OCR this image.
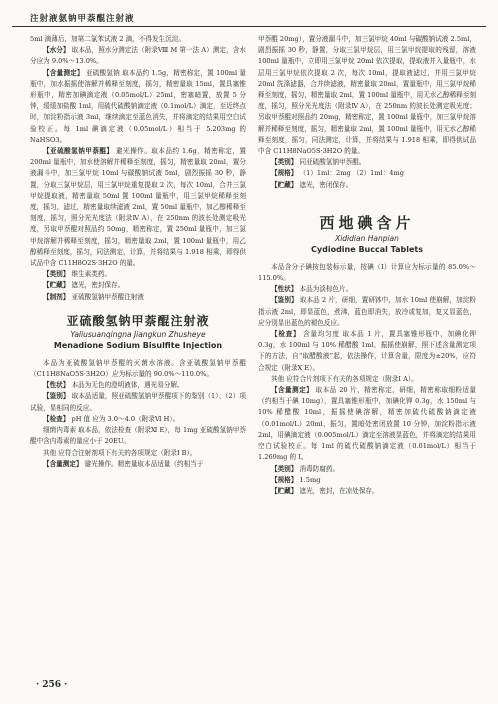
注射液氨钠甲萘醌注射液

5ml 滴薄后，加第二氯苯试液 2 滴，不得发生沉淀。

【水分】 取本品，照水分测定法（附录Ⅷ M 第一法 A）测定，含水分应为 9.0%～13.0%。

【含量测定】 亚硫酸氢钠 取本品约 1.5g，精密称定，置 100ml 量瓶中，加水振摇使溶解并稀释至刻度，摇匀，精密量取 15ml，置具塞锥形瓶中，精密加碘滴定液（0.05mol/L）25ml，密塞暗置，放置 5 分钟，缓缓加盐酸 1ml，用硫代硫酸钠滴定液（0.1mol/L）滴定，至近终点时，加淀粉指示液 3ml，继续滴定至蓝色消失，并将滴定的结果用空白试验校正。每 1ml 碘滴定液（0.05mol/L）相当于 5.203mg 的 NaHSO3。

【亚硫酸氢钠甲萘醌】 避光操作。取本品约 1.6g，精密称定，置 200ml 量瓶中，加水使溶解并稀释至刻度，摇匀，精密量取 20ml，置分液漏斗中，加三氯甲烷 10ml 与碳酸钠试液 5ml，剧烈振摇 30 秒，静置，分取三氯甲烷层，用三氯甲烷重复提取 2 次，每次 10ml，合并三氯甲烷提取液，精密量取 50ml 置 100ml 量瓶中，用三氯甲烷稀释至刻度，摇匀，滤过，精密量取续滤液 2ml，置 50ml 量瓶中，加乙醇稀释至刻度，摇匀，照分光光度法（附录Ⅳ A），在 250nm 的波长处测定吸光度，另取甲萘醌对照品约 50mg，精密称定，置 250ml 量瓶中，加三氯甲烷溶解并稀释至刻度，摇匀，精密量取 2ml，置 100ml 量瓶中，用乙醇稀释至刻度，摇匀，同法测定，计算，并将结果与 1.918 相乘，即得供试品中含 C11H8O2S·3H2O 的量。

【类别】 维生素类药。

【贮藏】 遮光，密封保存。

【制剂】 亚硫酸氢钠甲萘醌注射液

亚硫酸氢钠甲萘醌注射液
Yaliusuanqingna Jiangkun Zhusheye
Menadione Sodium Bisulfite Injection

本品为亚硫酸氢钠甲萘醌的灭菌水溶液。含亚硫酸氢钠甲萘醌（C11H8NaO5S·3H2O）应为标示量的 90.0%～110.0%。

【性状】 本品为无色的澄明液体，遇光易分解。

【鉴别】 取本品适量，照亚硫酸氢钠甲萘醌项下的鉴别（1）、（2）项试验，显相同的反应。

【检查】 pH 值 应为 3.0～4.0（附录Ⅵ H）。

细菌内毒素 取本品，依法检查（附录Ⅺ E），每 1mg 亚硫酸氢钠甲萘醌中含内毒素的量应小于 20EU。

其他 应符合注射剂项下有关的各项规定（附录Ⅰ B）。

【含量测定】 避光操作。精密量取本品适量（约相当于

甲萘醌 20mg），置分液漏斗中，加三氯甲烷 40ml 与碳酸钠试液 2.5ml，剧烈振摇 30 秒，静置，分取三氯甲烷层，用三氯甲烷提取的残留，溶液 100ml 量瓶中，立即用三氯甲烷 20ml 依次提取，提取液并入量瓶中，水层用三氯甲烷依次提取 2 次，每次 10ml，提取液滤过，并用三氯甲烷 20ml 洗涤滤器，合并续滤液，精密量取 20ml，置量瓶中，用三氯甲烷稀释至刻度，摇匀，精密量取 2ml，置 100ml 量瓶中，用无水乙醇稀释至刻度，摇匀，照分光光度法（附录Ⅳ A），在 250nm 的波长处测定吸光度；另取甲萘醌对照品约 20mg，精密称定，置 100ml 量瓶中，加三氯甲烷溶解并稀释至刻度，摇匀，精密量取 2ml，置 100ml 量瓶中，用无水乙醇稀释至刻度，摇匀，同法测定，计算，并将结果与 1.918 相乘，即得供试品中含 C11H8NaO5S·3H2O 的量。

【类别】 同亚硫酸氢钠甲萘醌。

【规格】 （1）1ml：2mg （2）1ml：4mg

【贮藏】 遮光，密闭保存。

西地碘含片
Xididian Hanpian
Cydiodine Buccal Tablets

本品含分子碘按包装标示量，按碘（I）计算应为标示量的 85.0%～115.0%。

【性状】 本品为淡棕色片。

【鉴别】 取本品 2 片，研细，置研钵中，加水 10ml 使崩解，加淀粉指示液 2ml，即显蓝色，煮沸，蓝色即消失，放冷或复加，复又显蓝色，应分别显出蓝色的褪色反应。

【检查】 含量均匀度 取本品 1 片，置具塞锥形瓶中，加碘化钾 0.3g，水 100ml 与 10% 稀醋酸 1ml，振摇使崩解，照下述含量测定项下的方法，自“取醋酸液”起，依法操作，计算含量，限度为±20%，应符合规定（附录Ⅹ E）。

其他 应符合片剂项下有关的各项规定（附录Ⅰ A）。

【含量测定】 取本品 20 片，精密称定，研细，精密称取细粉适量（约相当于碘 10mg），置具塞锥形瓶中，加碘化钾 0.3g，水 150ml 与 10% 稀醋酸 10ml，振摇使碘溶解，精密加硫代硫酸钠滴定液（0.01mol/L）20ml，振匀，置暗处密闭放置 10 分钟，加淀粉指示液 2ml，用碘滴定液（0.005mol/L）滴定至溶液显蓝色，并将滴定的结果用空白试验校正。每 1ml 的硫代硫酸钠滴定液（0.01mol/L）相当于 1.269mg 的 I。

【类别】 消毒防腐药。

【规格】 1.5mg

【贮藏】 遮光，密封，在凉处保存。

· 256 ·
